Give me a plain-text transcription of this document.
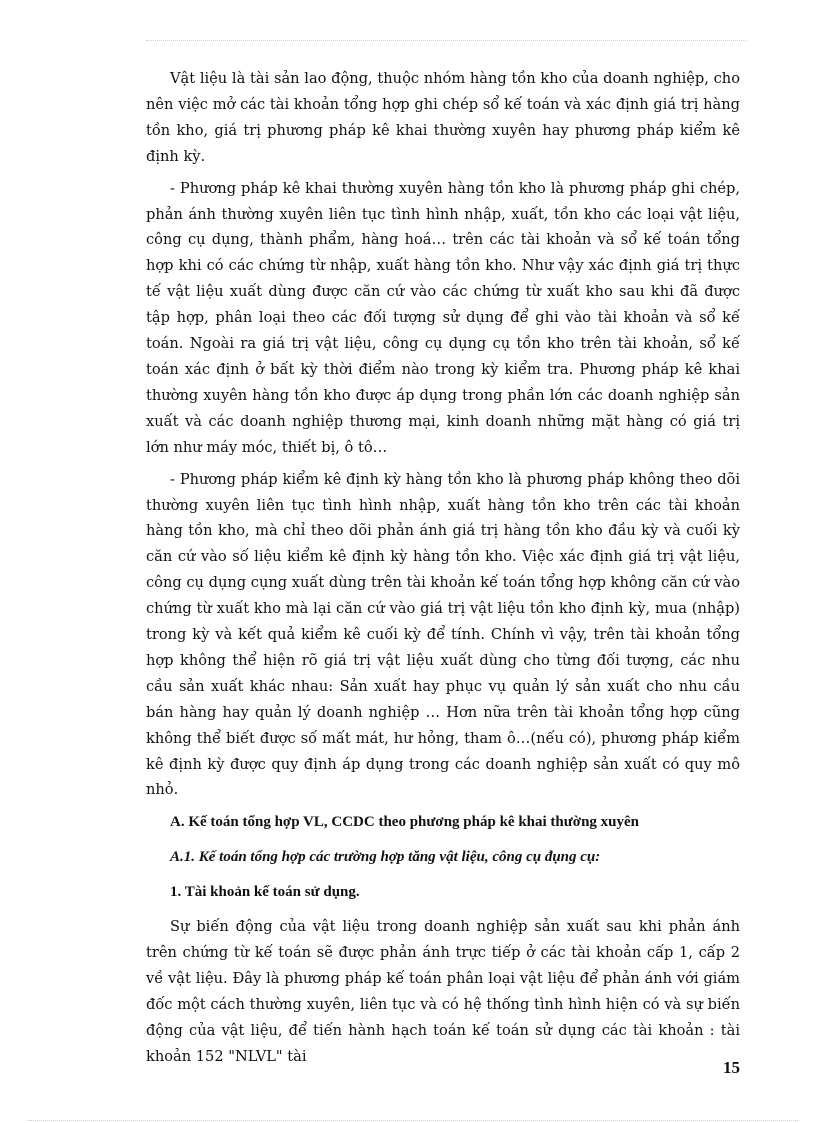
Vật liệu là tài sản lao động, thuộc nhóm hàng tồn kho của doanh nghiệp, cho nên việc mở các tài khoản tổng hợp ghi chép sổ kế toán và xác định giá trị hàng tồn kho, giá trị phương pháp kê khai thường xuyên hay phương pháp kiểm kê định kỳ.

- Phương pháp kê khai thường xuyên hàng tồn kho là phương pháp ghi chép, phản ánh thường xuyên liên tục tình hình nhập, xuất, tồn kho các loại vật liệu, công cụ dụng, thành phẩm, hàng hoá… trên các tài khoản và sổ kế toán tổng hợp khi có các chứng từ nhập, xuất hàng tồn kho. Như vậy xác định giá trị thực tế vật liệu xuất dùng được căn cứ vào các chứng từ xuất kho sau khi đã được tập hợp, phân loại theo các đối tượng sử dụng để ghi vào tài khoản và sổ kế toán. Ngoài ra giá trị vật liệu, công cụ dụng cụ tồn kho trên tài khoản, sổ kế toán xác định ở bất kỳ thời điểm nào trong kỳ kiểm tra. Phương pháp kê khai thường xuyên hàng tồn kho được áp dụng trong phần lớn các doanh nghiệp sản xuất và các doanh nghiệp thương mại, kinh doanh những mặt hàng có giá trị lớn như máy móc, thiết bị, ô tô…

- Phương pháp kiểm kê định kỳ hàng tồn kho là phương pháp không theo dõi thường xuyên liên tục tình hình nhập, xuất hàng tồn kho trên các tài khoản hàng tồn kho, mà chỉ theo dõi phản ánh giá trị hàng tồn kho đầu kỳ và cuối kỳ căn cứ vào số liệu kiểm kê định kỳ hàng tồn kho. Việc xác định giá trị vật liệu, công cụ dụng cụng xuất dùng trên tài khoản kế toán tổng hợp không căn cứ vào chứng từ xuất kho mà lại căn cứ vào giá trị vật liệu tồn kho định kỳ, mua (nhập) trong kỳ và kết quả kiểm kê cuối kỳ để tính. Chính vì vậy, trên tài khoản tổng hợp không thể hiện rõ giá trị vật liệu xuất dùng cho từng đối tượng, các nhu cầu sản xuất khác nhau: Sản xuất hay phục vụ quản lý sản xuất cho nhu cầu bán hàng hay quản lý doanh nghiệp … Hơn nữa trên tài khoản tổng hợp cũng không thể biết được số mất mát, hư hỏng, tham ô…(nếu có), phương pháp kiểm kê định kỳ được quy định áp dụng trong các doanh nghiệp sản xuất có quy mô nhỏ.

A. Kế toán tổng hợp VL, CCDC theo phương pháp kê khai thường xuyên

A.1. Kế toán tổng hợp các trường hợp tăng vật liệu, công cụ đụng cụ:

1. Tài khoản kế toán sử dụng.

Sự biến động của vật liệu trong doanh nghiệp sản xuất sau khi phản ánh trên chứng từ kế toán sẽ được phản ánh trực tiếp ở các tài khoản cấp 1, cấp 2 về vật liệu. Đây là phương pháp kế toán phân loại vật liệu để phản ánh với giám đốc một cách thường xuyên, liên tục và có hệ thống tình hình hiện có và sự biến động của vật liệu, để tiến hành hạch toán kế toán sử dụng các tài khoản : tài khoản 152 "NLVL" tài

15
